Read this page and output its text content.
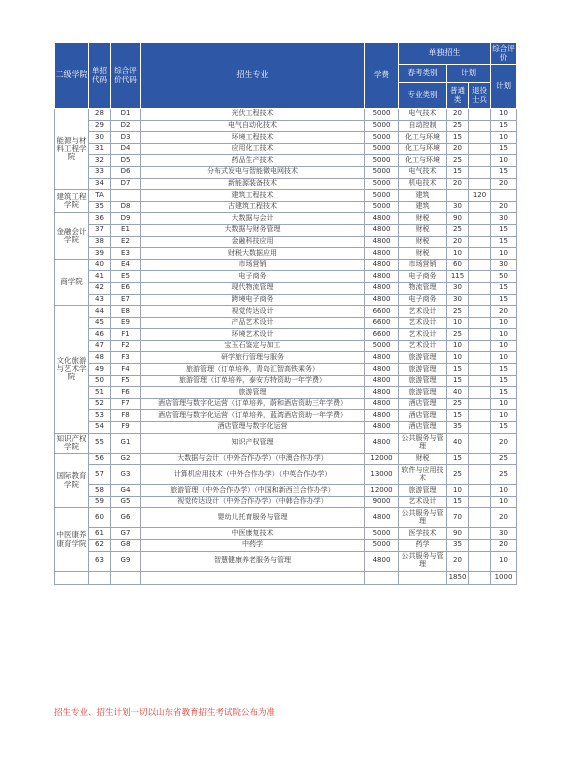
二级学院	单招代码	综合评价代码	招生专业	学费	单独招生			综合评价	
					春考类别	计划		计划	
					专业类别	普通类	退役士兵		
能源与材料工程学院	28	D1	光伏工程技术	5000	电气技术	20		10	
	29	D2	电气自动化技术	5000	自动控制	25		15	
	30	D3	环境工程技术	5000	化工与环境	15		10	
	31	D4	应用化工技术	5000	化工与环境	20		15	
	32	D5	药品生产技术	5000	化工与环境	25		10	
	33	D6	分布式发电与智能微电网技术	5000	电气技术	15		15	
	34	D7	新能源装备技术	5000	机电技术	20		20	
建筑工程学院	TA		建筑工程技术	5000	建筑		120		
	35	D8	古建筑工程技术	5000	建筑	30		20	
金融会计学院	36	D9	大数据与会计	4800	财税	90		30	
	37	E1	大数据与财务管理	4800	财税	25		15	
	38	E2	金融科技应用	4800	财税	20		15	
	39	E3	财税大数据应用	4800	财税	10		10	
商学院	40	E4	市场营销	4800	市场营销	60		30	
	41	E5	电子商务	4800	电子商务	115		50	
	42	E6	现代物流管理	4800	物流管理	30		15	
	43	E7	跨境电子商务	4800	电子商务	30		15	
文化旅游与艺术学院	44	E8	视觉传达设计	6600	艺术设计	25		20	
	45	E9	产品艺术设计	6600	艺术设计	10		10	
	46	F1	环境艺术设计	6600	艺术设计	25		10	
	47	F2	宝玉石鉴定与加工	5000	艺术设计	10		10	
	48	F3	研学旅行管理与服务	4800	旅游管理	10		10	
	49	F4	旅游管理（订单培养，青岛汇智高铁乘务）	4800	旅游管理	15		15	
	50	F5	旅游管理（订单培养，泰安方特资助一年学费）	4800	旅游管理	15		15	
	51	F6	旅游管理	4800	旅游管理	40		15	
	52	F7	酒店管理与数字化运营（订单培养，蔚和酒店资助三年学费）	4800	酒店管理	25		10	
	53	F8	酒店管理与数字化运营（订单培养，蓝湾酒店资助一年学费）	4800	酒店管理	15		10	
	54	F9	酒店管理与数字化运营	4800	酒店管理	35		15	
知识产权学院	55	G1	知识产权管理	4800	公共服务与管理	40		20	
国际教育学院	56	G2	大数据与会计（中外合作办学）（中澳合作办学）	12000	财税	15		25	
	57	G3	计算机应用技术（中外合作办学）（中英合作办学）	13000	软件与应用技术	25		25	
	58	G4	旅游管理（中外合作办学）（中国和新西兰合作办学）	12000	旅游管理	10		10	
	59	G5	视觉传达设计（中外合作办学）（中韩合作办学）	9000	艺术设计	15		10	
中医康养康育学院	60	G6	婴幼儿托育服务与管理	4800	公共服务与管理	70		20	
	61	G7	中医康复技术	5000	医学技术	90		30	
	62	G8	中药学	5000	药学	35		20	
	63	G9	智慧健康养老服务与管理	4800	公共服务与管理	20		10	
						1850		1000	
招生专业、招生计划一切以山东省教育招生考试院公布为准
